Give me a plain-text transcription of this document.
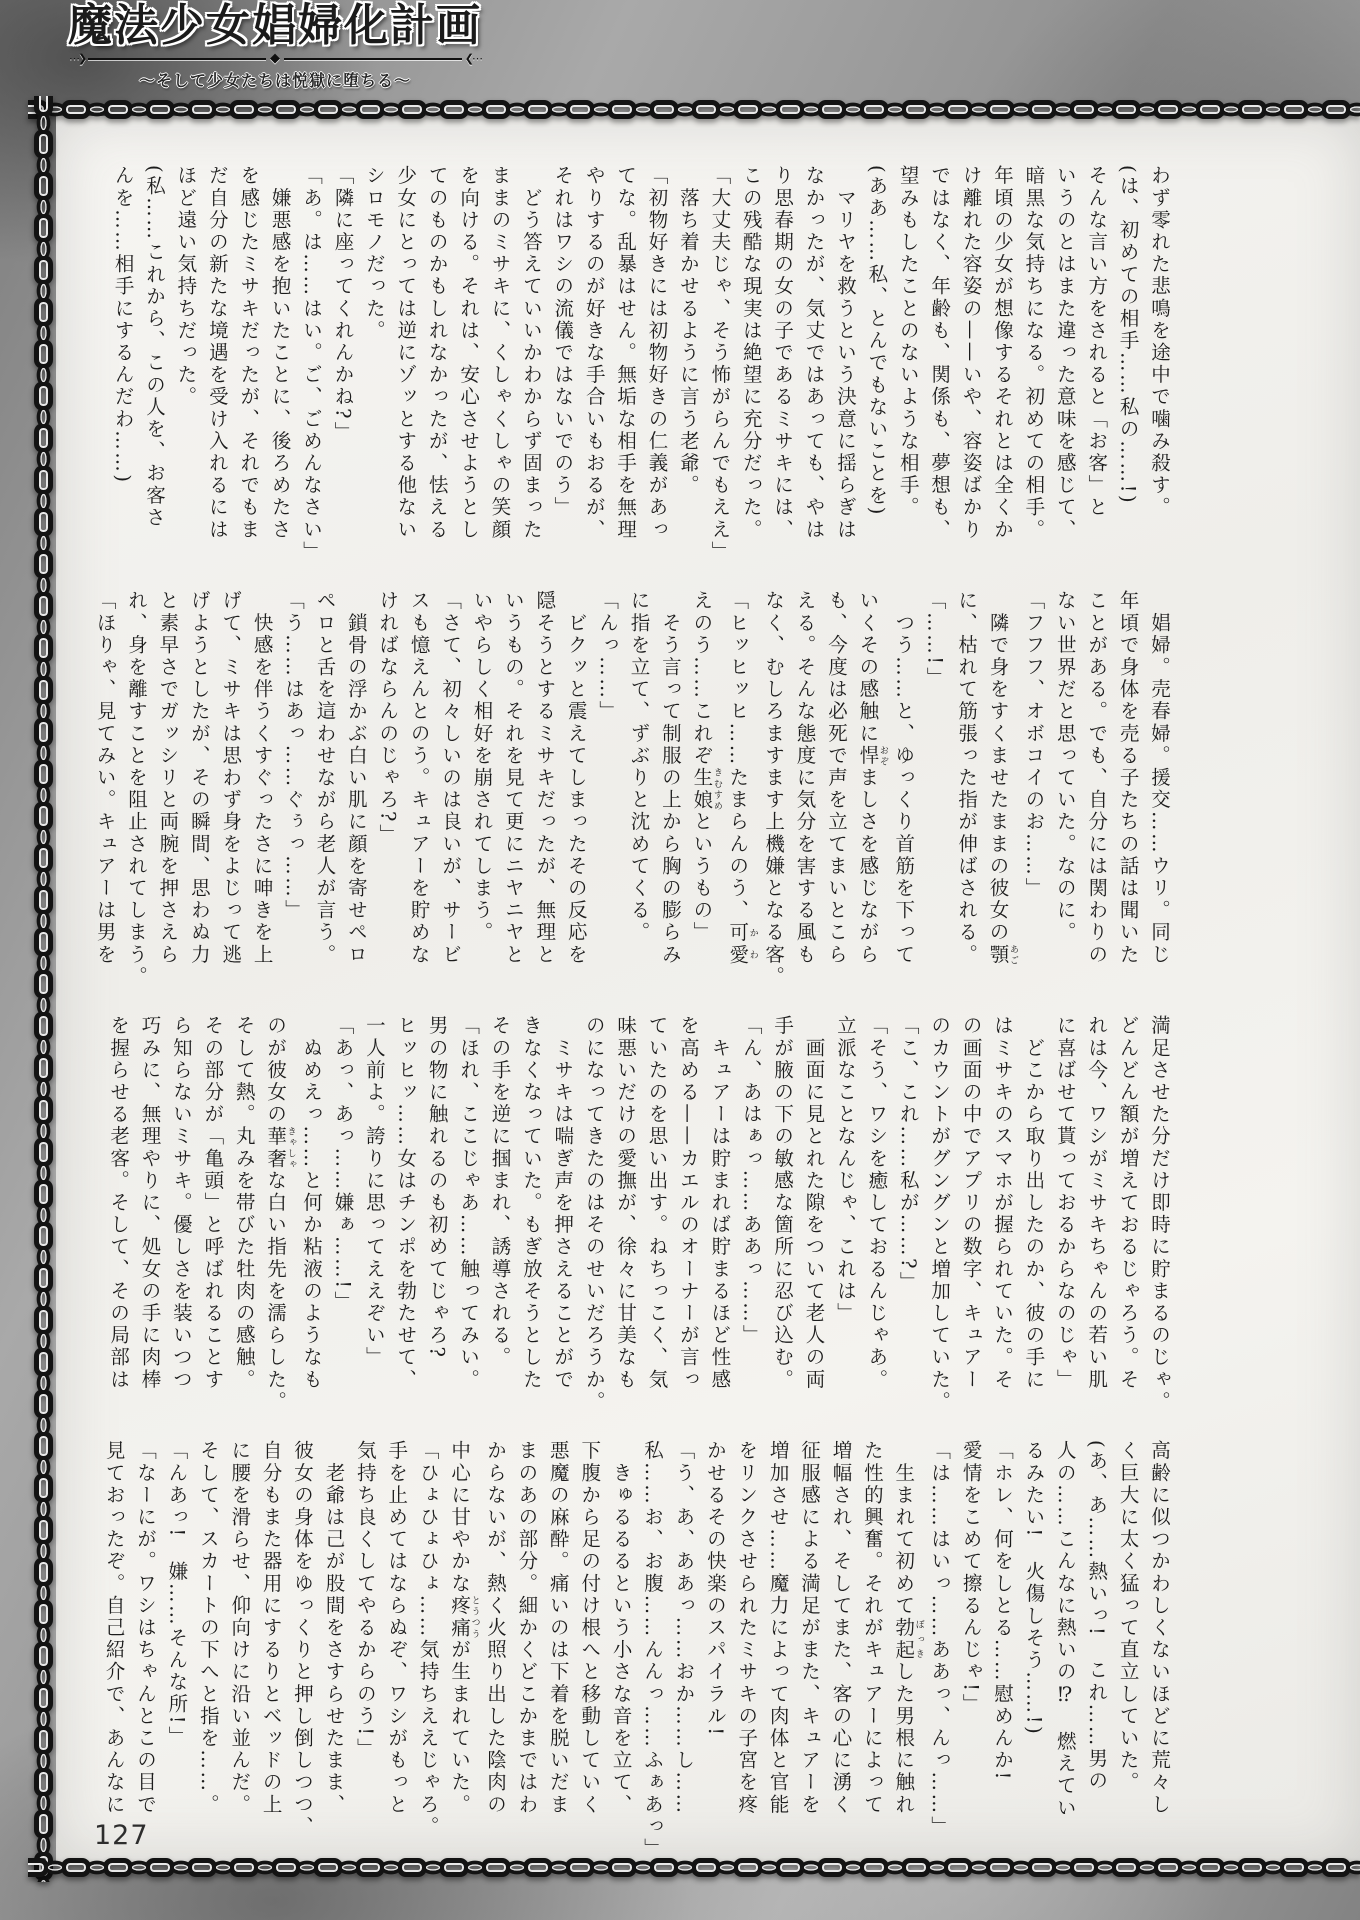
魔法少女娼婦化計画
⋯❯	◆	❮⋯
〜そして少女たちは悦獄に堕ちる〜

わず零れた悲鳴を途中で噛み殺す。

(は、初めての相手……私の……!)

そんな言い方をされると「お客」と

いうのとはまた違った意味を感じて、

暗黒な気持ちになる。初めての相手。

年頃の少女が想像するそれとは全くか

け離れた容姿の——いや、容姿ばかり

ではなく、年齢も、関係も、夢想も、

望みもしたことのないような相手。

(ああ……私、とんでもないことを)

　マリヤを救うという決意に揺らぎは

なかったが、気丈ではあっても、やは

り思春期の女の子であるミサキには、

この残酷な現実は絶望に充分だった。

「大丈夫じゃ、そう怖がらんでもええ」

　落ち着かせるように言う老爺。

「初物好きには初物好きの仁義があっ

てな。乱暴はせん。無垢な相手を無理

やりするのが好きな手合いもおるが、

それはワシの流儀ではないでのう」

　どう答えていいかわからず固まった

ままのミサキに、くしゃくしゃの笑顔

を向ける。それは、安心させようとし

てのものかもしれなかったが、怯える

少女にとっては逆にゾッとする他ない

シロモノだった。

「隣に座ってくれんかね?」

「あ。は……はい。ご、ごめんなさい」

　嫌悪感を抱いたことに、後ろめたさ

を感じたミサキだったが、それでもま

だ自分の新たな境遇を受け入れるには

ほど遠い気持ちだった。

(私……これから、この人を、お客さ

んを……相手にするんだわ……)

　娼婦。売春婦。援交……ウリ。同じ

年頃で身体を売る子たちの話は聞いた

ことがある。でも、自分には関わりの

ない世界だと思っていた。なのに。

「フフフ、オボコイのお……」

　隣で身をすくませたままの彼女の顎あご

に、枯れて筋張った指が伸ばされる。

「……!」

　つう……と、ゆっくり首筋を下って

いくその感触に悍おぞましさを感じながら

も、今度は必死で声を立てまいとこら

える。そんな態度に気分を害する風も

なく、むしろますます上機嫌となる客。

「ヒッヒッヒ……たまらんのう、可愛かわ

えのう……これぞ生娘きむすめというもの」

　そう言って制服の上から胸の膨らみ

に指を立て、ずぶりと沈めてくる。

「んっ……」

　ビクッと震えてしまったその反応を

隠そうとするミサキだったが、無理と

いうもの。それを見て更にニヤニヤと

いやらしく相好を崩されてしまう。

「さて、初々しいのは良いが、サービ

スも憶えんとのう。キュアーを貯めな

ければならんのじゃろ?」

　鎖骨の浮かぶ白い肌に顔を寄せペロ

ペロと舌を這わせながら老人が言う。

「う……はあっ……ぐぅっ……」

　快感を伴うくすぐったさに呻きを上

げて、ミサキは思わず身をよじって逃

げようとしたが、その瞬間、思わぬ力

と素早さでガッシリと両腕を押さえら

れ、身を離すことを阻止されてしまう。

「ほりゃ、見てみい。キュアーは男を

満足させた分だけ即時に貯まるのじゃ。

どんどん額が増えておるじゃろう。そ

れは今、ワシがミサキちゃんの若い肌

に喜ばせて貰っておるからなのじゃ」

　どこから取り出したのか、彼の手に

はミサキのスマホが握られていた。そ

の画面の中でアプリの数字、キュアー

のカウントがグングンと増加していた。

「こ、これ……私が……?」

「そう、ワシを癒しておるんじゃあ。

立派なことなんじゃ、これは」

　画面に見とれた隙をついて老人の両

手が腋の下の敏感な箇所に忍び込む。

「ん、あはぁっ……ああっ……」

　キュアーは貯まれば貯まるほど性感

を高める——カエルのオーナーが言っ

ていたのを思い出す。ねちっこく、気

味悪いだけの愛撫が、徐々に甘美なも

のになってきたのはそのせいだろうか。

　ミサキは喘ぎ声を押さえることがで

きなくなっていた。もぎ放そうとした

その手を逆に掴まれ、誘導される。

「ほれ、ここじゃあ……触ってみい。

男の物に触れるのも初めてじゃろ?

ヒッヒッ……女はチンポを勃たせて、

一人前よ。誇りに思ってええぞい」

「あっ、あっ……嫌ぁ……!」

　ぬめえっ……と何か粘液のようなも

のが彼女の華奢きゃしゃな白い指先を濡らした。

そして熱。丸みを帯びた牡肉の感触。

その部分が「亀頭」と呼ばれることす

ら知らないミサキ。優しさを装いつつ

巧みに、無理やりに、処女の手に肉棒

を握らせる老客。そして、その局部は

高齢に似つかわしくないほどに荒々し

く巨大に太く猛って直立していた。

(あ、あ……熱いっ!　これ……男の

人の……こんなに熱いの⁉　燃えてい

るみたい!　火傷しそう……!)

「ホレ、何をしとる……慰めんか!

愛情をこめて擦るんじゃ!」

「は……はいっ……ああっ、んっ……」

　生まれて初めて勃起ぼっきした男根に触れ

た性的興奮。それがキュアーによって

増幅され、そしてまた、客の心に湧く

征服感による満足がまた、キュアーを

増加させ……魔力によって肉体と官能

をリンクさせられたミサキの子宮を疼

かせるその快楽のスパイラル!

「う、あ、ああっ……おか……し……

私……お、お腹……んんっ……ふぁあっ」

　きゅるるるという小さな音を立て、

下腹から足の付け根へと移動していく

悪魔の麻酔。痛いのは下着を脱いだま

まのあの部分。細かくどこかまではわ

からないが、熱く火照り出した陰肉の

中心に甘やかな疼痛とうつうが生まれていた。

「ひょひょひょ……気持ちええじゃろ。

手を止めてはならぬぞ、ワシがもっと

気持ち良くしてやるからのう!」

　老爺は己が股間をさすらせたまま、

彼女の身体をゆっくりと押し倒しつつ、

自分もまた器用にするりとベッドの上

に腰を滑らせ、仰向けに沿い並んだ。

そして、スカートの下へと指を……。

「んあっ!　嫌……そんな所!」

「なーにが。ワシはちゃんとこの目で

見ておったぞ。自己紹介で、あんなに

127
